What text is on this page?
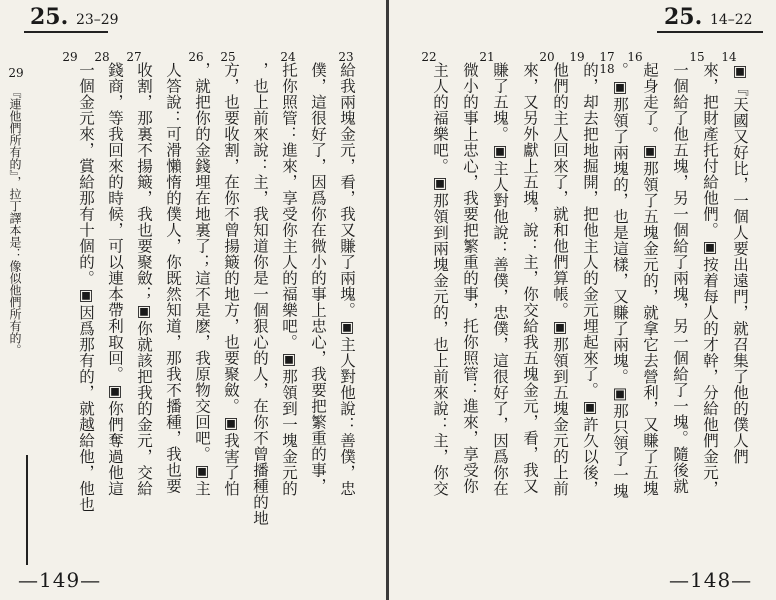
25. 23–29
29 28 27	26 25	24	23
29
『連他們所有的』，拉丁譯本是：像似他們所有的。	給我兩塊金元，看，我又賺了兩塊。▣主人對他說：善僕，忠
僕，這很好了，因爲你在微小的事上忠心，我要把繁重的事，
托你照管：進來，享受你主人的福樂吧。▣那領到一塊金元的
，也上前來說：主，我知道你是一個狠心的人，在你不曾播種的地
方，也要收割，在你不曾揚簸的地方，也要聚斂。▣我害了怕
，就把你的金錢埋在地裏了；這不是麽，我原物交回吧。▣主
人答說：可滑懶惰的僕人，你既然知道，那我不播種，我也要
收割，那裏不揚簸，我也要聚斂；▣你就該把我的金元，交給
錢商，等我回來的時候，可以連本帶利取回。▣你們奪過他這
一個金元來，賞給那有十個的。▣因爲那有的，就越給他，他也
—149—
25. 14–22
22	21	20 19
18
17 16	15 14
▣『天國又好比，一個人要出遠門，就召集了他的僕人們
來，把財產托付給他們。▣按着每人的才幹，分給他們金元，
一個給了他五塊，另一個給了兩塊，另一個給了一塊。隨後就
起身走了。▣那領了五塊金元的，就拿它去營利，又賺了五塊
。▣那領了兩塊的，也是這樣，又賺了兩塊。▣那只領了一塊
的，却去把地掘開，把他主人的金元埋起來了。▣許久以後，
他們的主人回來了，就和他們算帳。▣那領到五塊金元的上前
來，又另外獻上五塊，說：主，你交給我五塊金元，看，我又
賺了五塊。▣主人對他說：善僕，忠僕，這很好了，因爲你在
微小的事上忠心，我要把繁重的事，托你照管：進來，享受你
主人的福樂吧。▣那領到兩塊金元的，也上前來說：主，你交
—148—
